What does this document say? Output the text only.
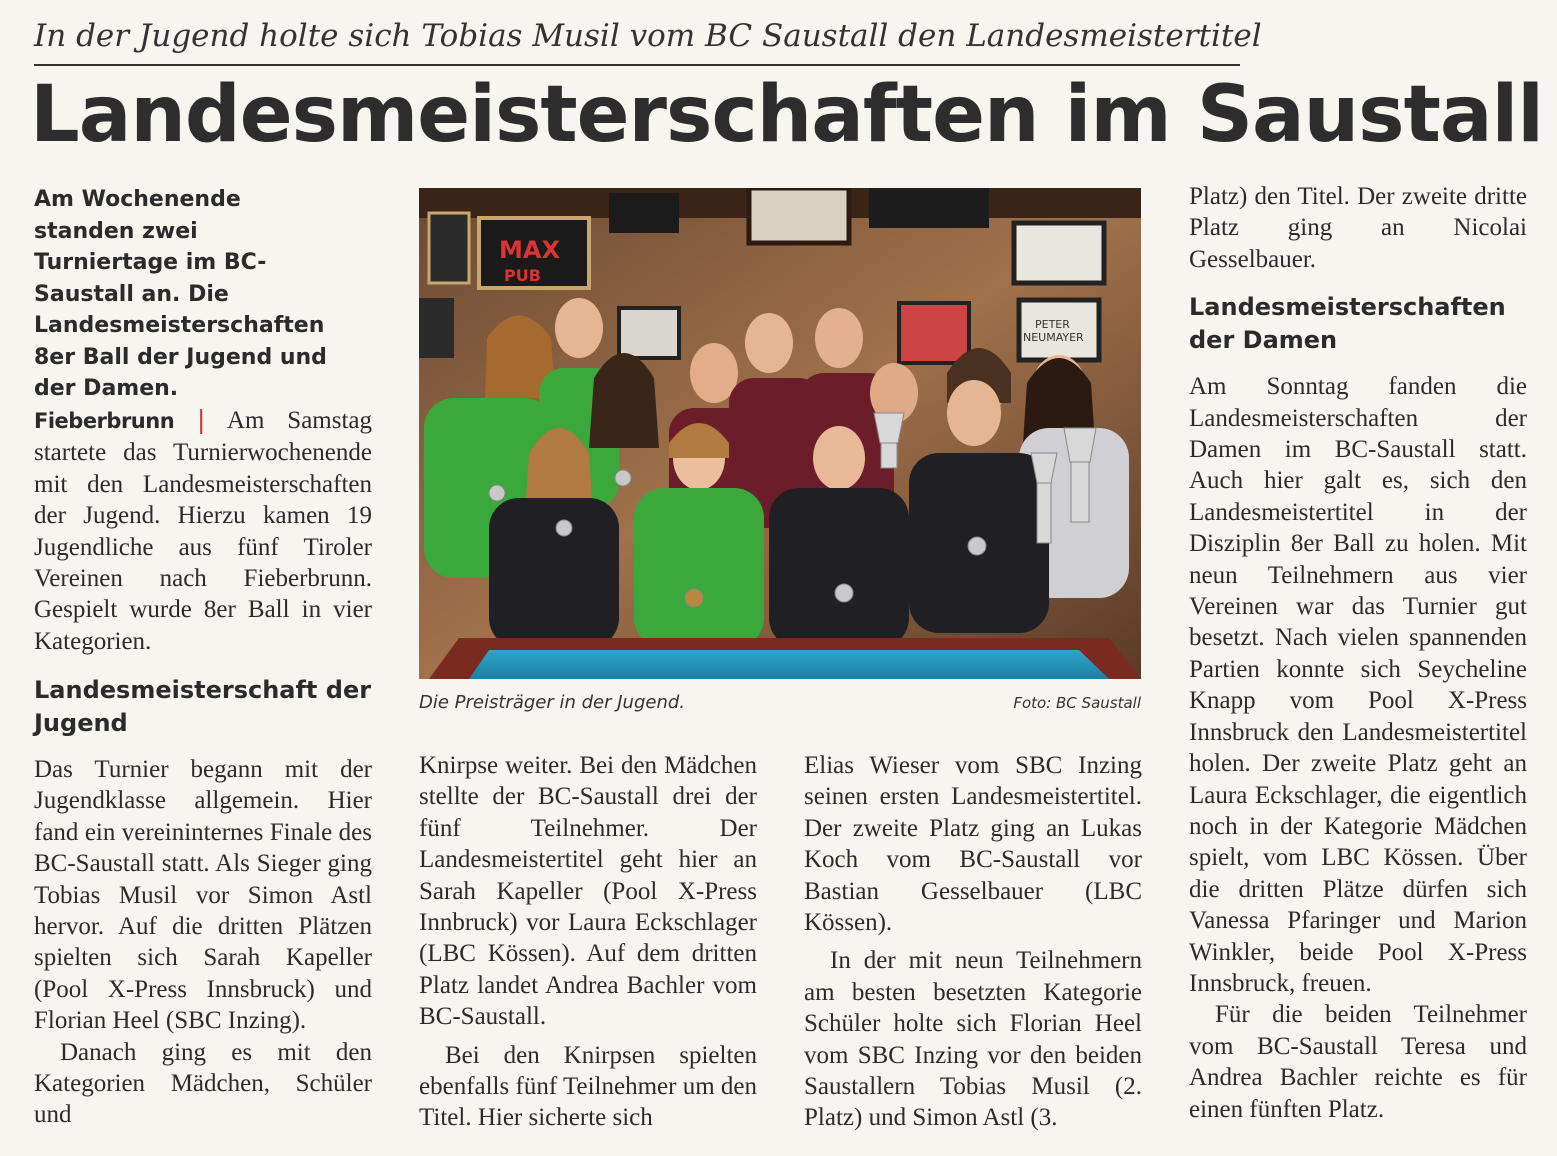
In der Jugend holte sich Tobias Musil vom BC Saustall den Landesmeistertitel
Landesmeisterschaften im Saustall
Am Wochenende standen zwei Turniertage im BC-Saustall an. Die Landesmeisterschaften 8er Ball der Jugend und der Damen.

Fieberbrunn | Am Samstag startete das Turnierwochenende mit den Landesmeisterschaften der Jugend. Hierzu kamen 19 Jugendliche aus fünf Tiroler Vereinen nach Fieberbrunn. Gespielt wurde 8er Ball in vier Kategorien.

Landesmeisterschaft der Jugend

Das Turnier begann mit der Jugendklasse allgemein. Hier fand ein vereininternes Finale des BC-Saustall statt. Als Sieger ging Tobias Musil vor Simon Astl hervor. Auf die dritten Plätzen spielten sich Sarah Kapeller (Pool X-Press Innsbruck) und Florian Heel (SBC Inzing).

Danach ging es mit den Kategorien Mädchen, Schüler und

MAX
PUB
PETER
NEUMAYER
Die Preisträger in der Jugend.	Foto: BC Saustall

Knirpse weiter. Bei den Mädchen stellte der BC-Saustall drei der fünf Teilnehmer. Der Landesmeistertitel geht hier an Sarah Kapeller (Pool X-Press Innbruck) vor Laura Eckschlager (LBC Kössen). Auf dem dritten Platz landet Andrea Bachler vom BC-Saustall.

Bei den Knirpsen spielten ebenfalls fünf Teilnehmer um den Titel. Hier sicherte sich

Elias Wieser vom SBC Inzing seinen ersten Landesmeistertitel. Der zweite Platz ging an Lukas Koch vom BC-Saustall vor Bastian Gesselbauer (LBC Kössen).

In der mit neun Teilnehmern am besten besetzten Kategorie Schüler holte sich Florian Heel vom SBC Inzing vor den beiden Saustallern Tobias Musil (2. Platz) und Simon Astl (3.

Platz) den Titel. Der zweite dritte Platz ging an Nicolai Gesselbauer.

Landesmeisterschaften der Damen

Am Sonntag fanden die Landesmeisterschaften der Damen im BC-Saustall statt. Auch hier galt es, sich den Landesmeistertitel in der Disziplin 8er Ball zu holen. Mit neun Teilnehmern aus vier Vereinen war das Turnier gut besetzt. Nach vielen spannenden Partien konnte sich Seycheline Knapp vom Pool X-Press Innsbruck den Landesmeistertitel holen. Der zweite Platz geht an Laura Eckschlager, die eigentlich noch in der Kategorie Mädchen spielt, vom LBC Kössen. Über die dritten Plätze dürfen sich Vanessa Pfaringer und Marion Winkler, beide Pool X-Press Innsbruck, freuen.

Für die beiden Teilnehmer vom BC-Saustall Teresa und Andrea Bachler reichte es für einen fünften Platz.
